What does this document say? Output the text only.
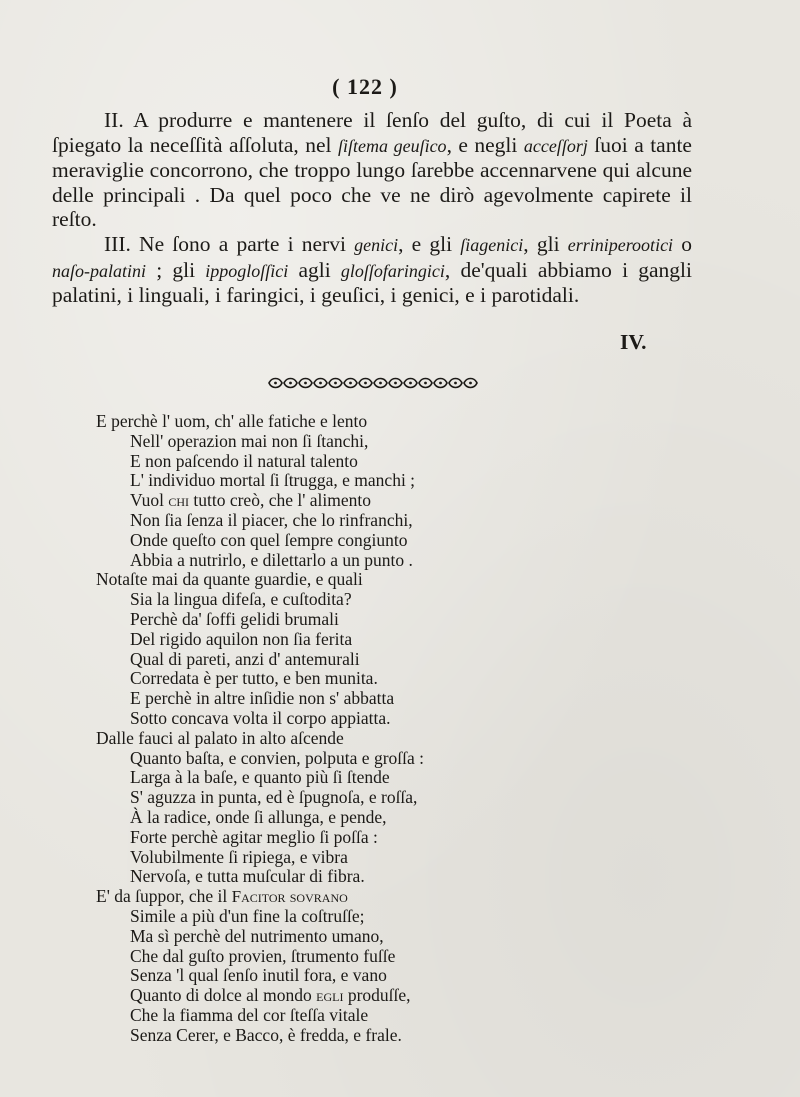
( 122 )

II. A produrre e mantenere il ſenſo del guſto, di cui il Poeta à ſpiegato la neceſſità aſſoluta, nel ſiſtema geuſico, e negli acceſſorj ſuoi a tante meraviglie concorrono, che troppo lungo ſarebbe accennarvene qui alcune delle principali . Da quel poco che ve ne dirò agevolmente capirete il reſto.

III. Ne ſono a parte i nervi genici, e gli ſiagenici, gli erriniperootici o naſo-palatini ; gli ippogloſſici agli gloſſofaringici, de'quali abbiamo i gangli palatini, i linguali, i faringici, i geuſici, i genici, e i parotidali.

IV.
E perchè l' uom, ch' alle fatiche e lento
Nell' operazion mai non ſi ſtanchi,
E non paſcendo il natural talento
L' individuo mortal ſi ſtrugga, e manchi ;
Vuol chi tutto creò, che l' alimento
Non ſia ſenza il piacer, che lo rinfranchi,
Onde queſto con quel ſempre congiunto
Abbia a nutrirlo, e dilettarlo a un punto .
Notaſte mai da quante guardie, e quali
Sia la lingua difeſa, e cuſtodita?
Perchè da' ſoffi gelidi brumali
Del rigido aquilon non ſia ferita
Qual di pareti, anzi d' antemurali
Corredata è per tutto, e ben munita.
E perchè in altre inſidie non s' abbatta
Sotto concava volta il corpo appiatta.
Dalle fauci al palato in alto aſcende
Quanto baſta, e convien, polputa e groſſa :
Larga à la baſe, e quanto più ſi ſtende
S' aguzza in punta, ed è ſpugnoſa, e roſſa,
À la radice, onde ſi allunga, e pende,
Forte perchè agitar meglio ſi poſſa :
Volubilmente ſi ripiega, e vibra
Nervoſa, e tutta muſcular di fibra.
E' da ſuppor, che il Facitor sovrano
Simile a più d'un fine la coſtruſſe;
Ma sì perchè del nutrimento umano,
Che dal guſto provien, ſtrumento fuſſe
Senza 'l qual ſenſo inutil fora, e vano
Quanto di dolce al mondo egli produſſe,
Che la fiamma del cor ſteſſa vitale
Senza Cerer, e Bacco, è fredda, e frale.
